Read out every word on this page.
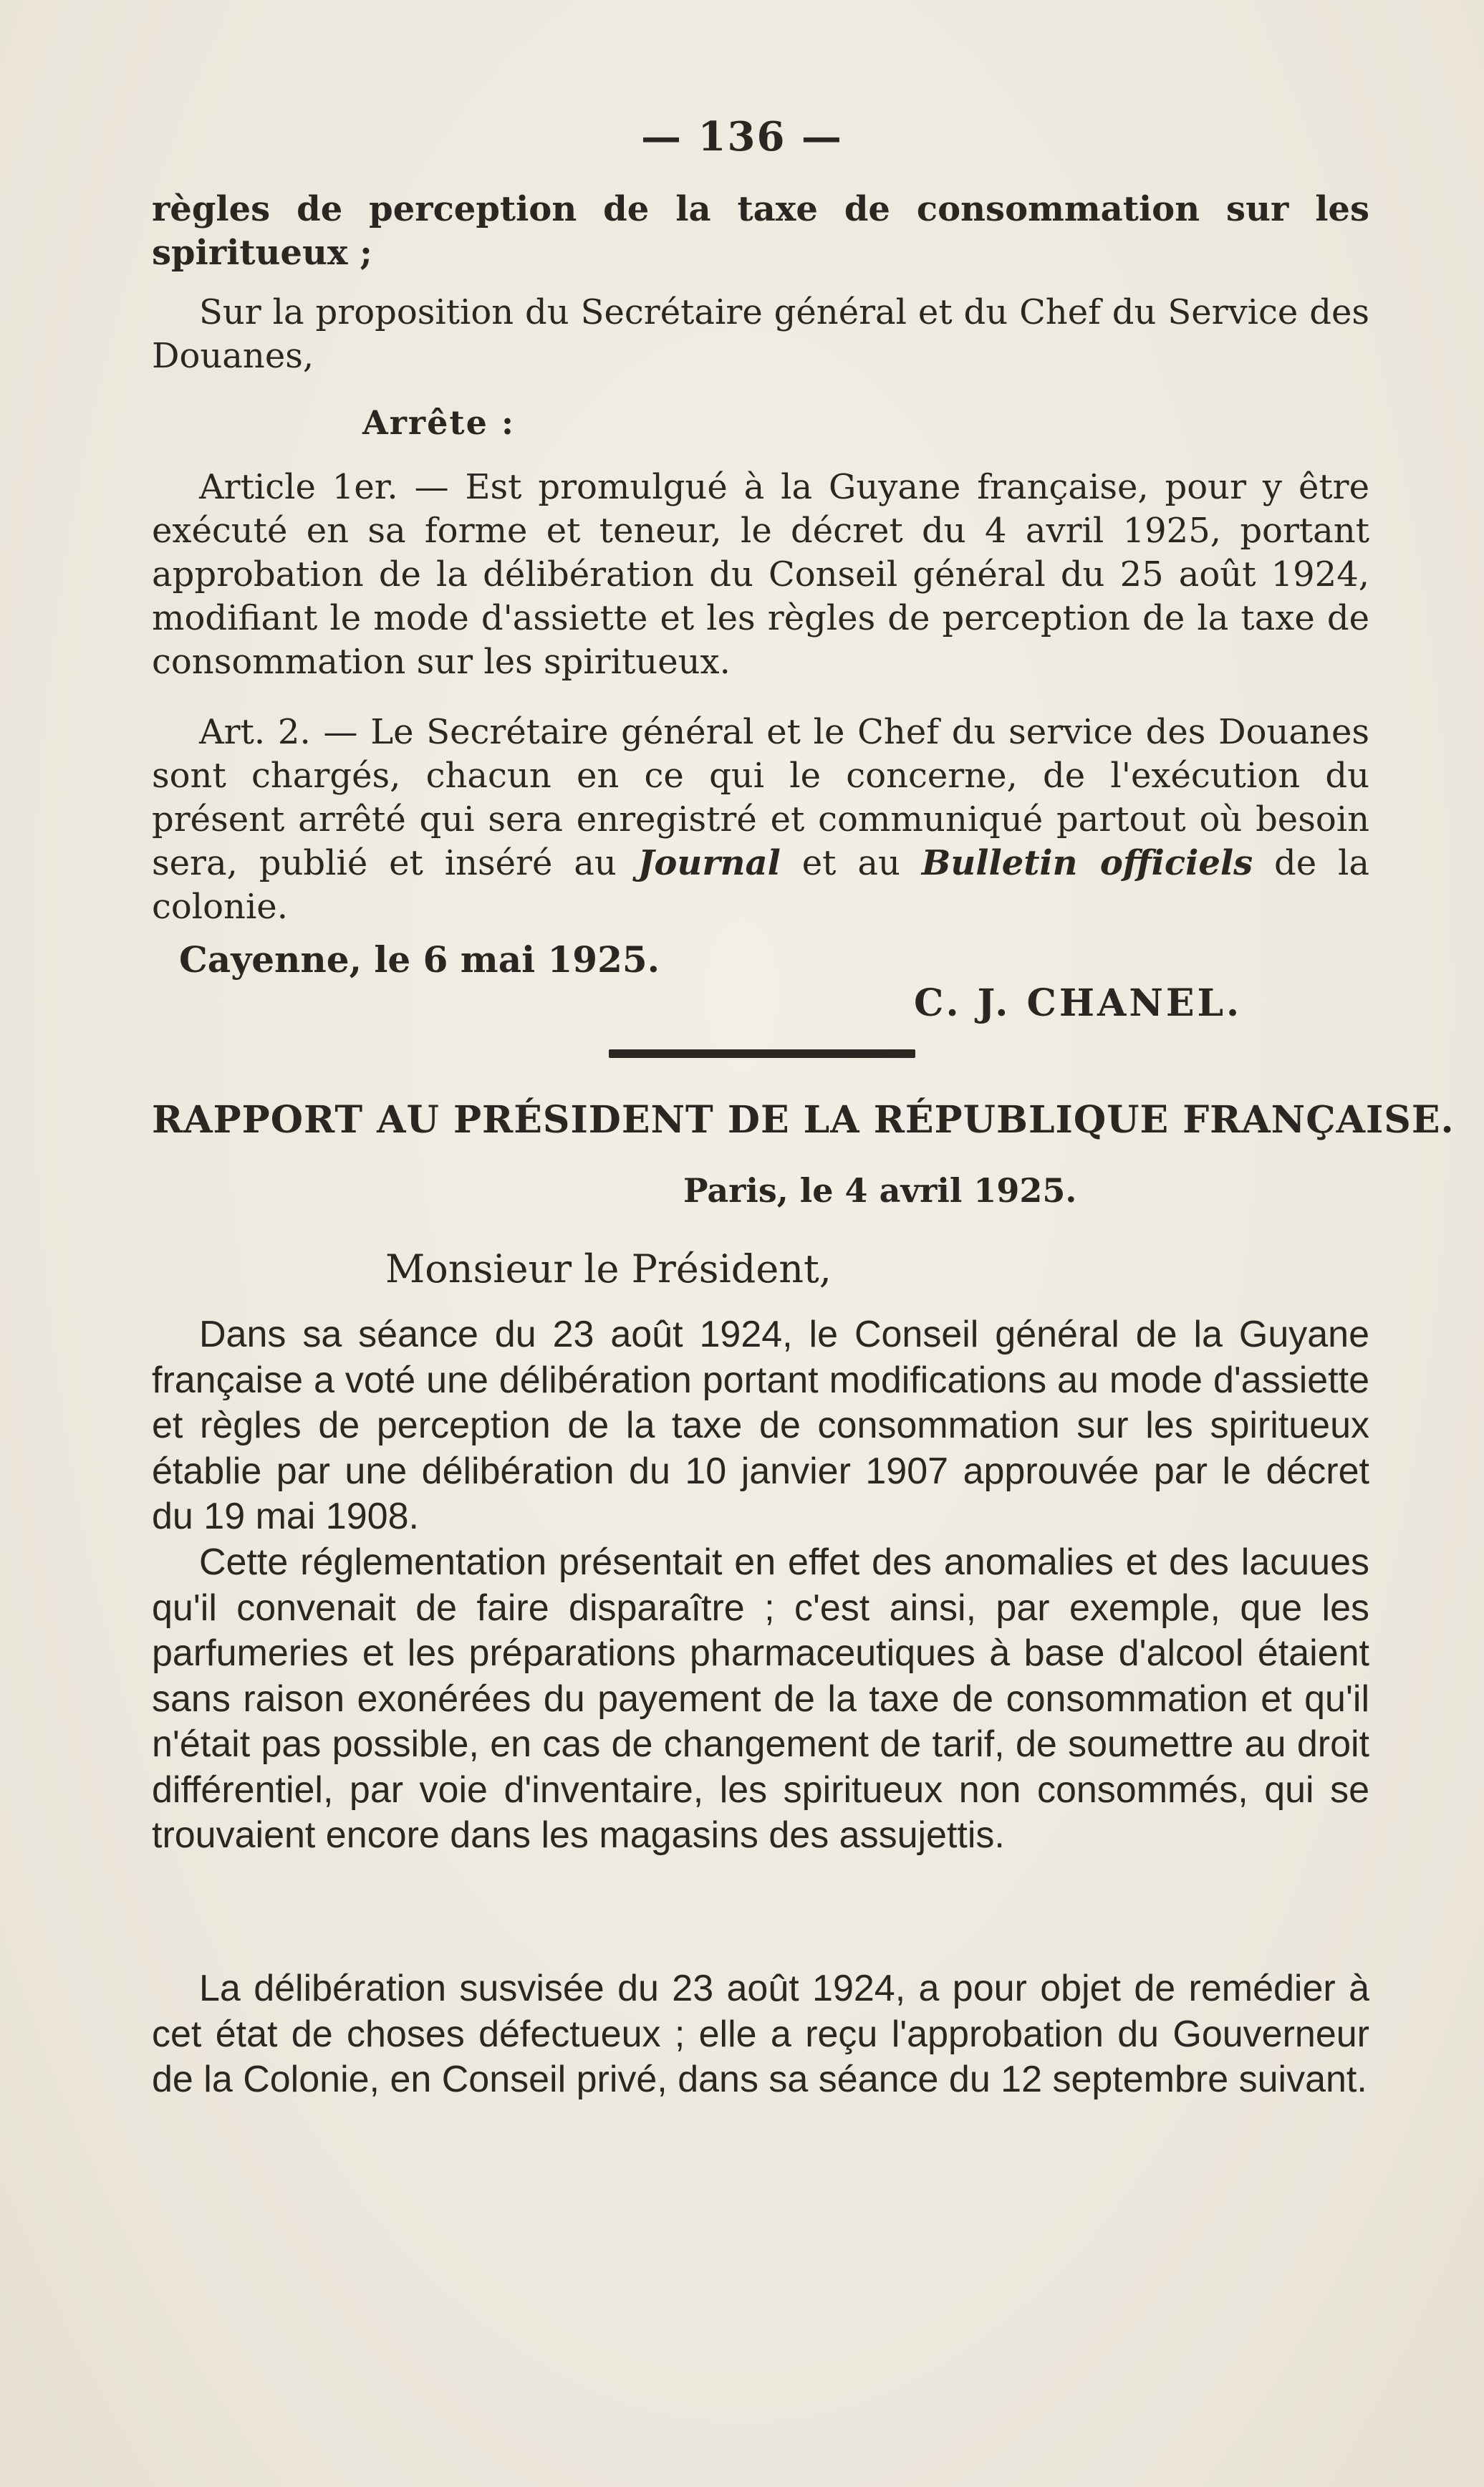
— 136 —

règles de perception de la taxe de consommation sur les spiritueux ;

Sur la proposition du Secrétaire général et du Chef du Service des Douanes,

Arrête :

Article 1er. — Est promulgué à la Guyane française, pour y être exécuté en sa forme et teneur, le décret du 4 avril 1925, portant approbation de la délibération du Conseil général du 25 août 1924, modifiant le mode d'assiette et les règles de perception de la taxe de consommation sur les spiritueux.

Art. 2. — Le Secrétaire général et le Chef du service des Douanes sont chargés, chacun en ce qui le concerne, de l'exécution du présent arrêté qui sera enregistré et communiqué partout où besoin sera, publié et inséré au Journal et au Bulletin officiels de la colonie.

Cayenne, le 6 mai 1925.
C. J. CHANEL.
RAPPORT AU PRÉSIDENT DE LA RÉPUBLIQUE FRANÇAISE.
Paris, le 4 avril 1925.
Monsieur le Président,

Dans sa séance du 23 août 1924, le Conseil général de la Guyane française a voté une délibération portant modifications au mode d'assiette et règles de perception de la taxe de consommation sur les spiritueux établie par une délibération du 10 janvier 1907 approuvée par le décret du 19 mai 1908.

Cette réglementation présentait en effet des anomalies et des lacuues qu'il convenait de faire disparaître ; c'est ainsi, par exemple, que les parfumeries et les préparations pharmaceutiques à base d'alcool étaient sans raison exonérées du payement de la taxe de consommation et qu'il n'était pas possible, en cas de changement de tarif, de soumettre au droit différentiel, par voie d'inventaire, les spiritueux non consommés, qui se trouvaient encore dans les magasins des assujettis.

La délibération susvisée du 23 août 1924, a pour objet de remédier à cet état de choses défectueux ; elle a reçu l'approbation du Gouverneur de la Colonie, en Conseil privé, dans sa séance du 12 septembre suivant.
